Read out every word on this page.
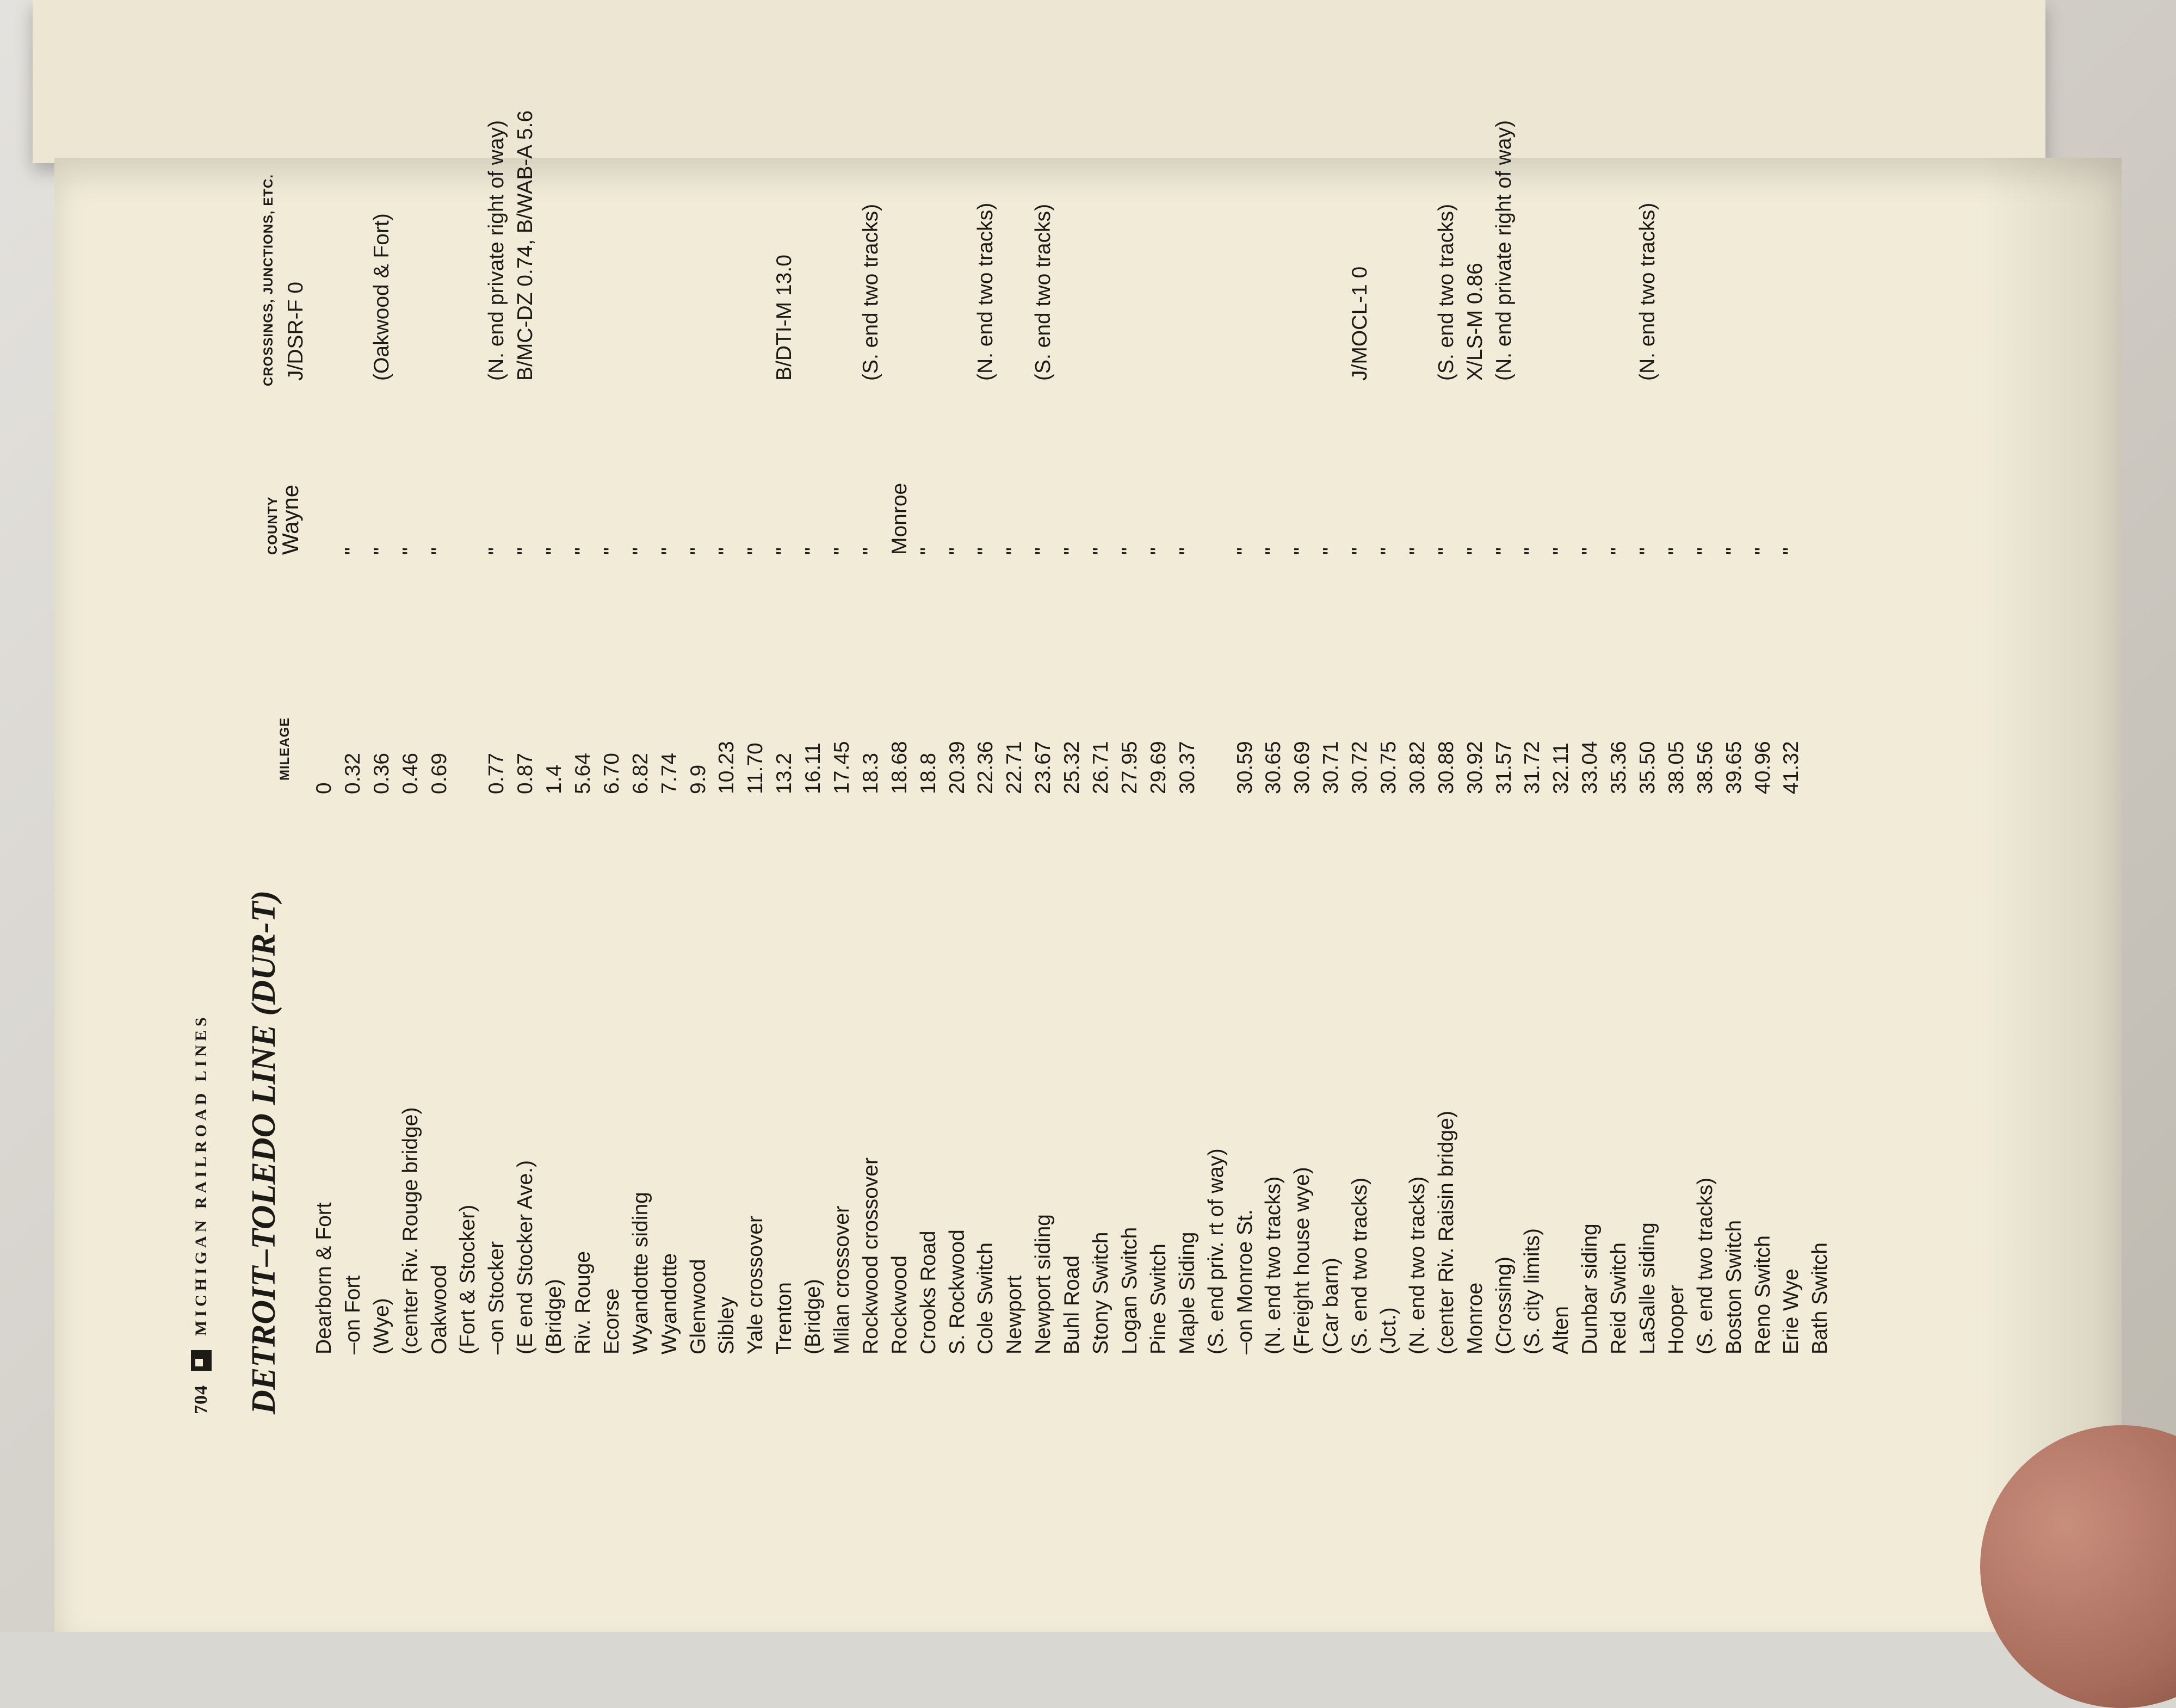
704
MICHIGAN RAILROAD LINES DETROIT–TOLEDO LINE (DUR-T)
MILEAGE
COUNTY
CROSSINGS, JUNCTIONS, ETC.
Wayne
J/DSR-F 0
Dearborn & Fort
0
–on Fort
0.32
"
(Wye)
0.36
"
(Oakwood & Fort)
(center Riv. Rouge bridge)
0.46
"
Oakwood
0.69
"
(Fort & Stocker) –on Stocker
0.77
"
(N. end private right of way)
(E end Stocker Ave.)
0.87
"
B/MC-DZ 0.74, B/WAB-A 5.6
(Bridge)
1.4
"
Riv. Rouge
5.64
"
Ecorse
6.70
"
Wyandotte siding
6.82
"
Wyandotte
7.74
"
Glenwood
9.9
"
Sibley
10.23
"
Yale crossover
11.70
"
Trenton
13.2
"
B/DTI-M 13.0
(Bridge)
16.11
"
Milan crossover
17.45
"
Rockwood crossover
18.3
"
(S. end two tracks)
Rockwood
18.68
Monroe
Crooks Road
18.8
"
S. Rockwood
20.39
"
Cole Switch
22.36
"
(N. end two tracks)
Newport
22.71
"
Newport siding
23.67
"
(S. end two tracks)
Buhl Road
25.32
"
Stony Switch
26.71
"
Logan Switch
27.95
"
Pine Switch
29.69
"
Maple Siding
30.37
"
(S. end priv. rt of way) –on Monroe St.
30.59
"
(N. end two tracks)
30.65
"
(Freight house wye)
30.69
"
(Car barn)
30.71
"
(S. end two tracks)
30.72
"
J/MOCL-1 0
(Jct.)
30.75
"
(N. end two tracks)
30.82
"
(center Riv. Raisin bridge)
30.88
"
(S. end two tracks)
Monroe
30.92
"
X/LS-M 0.86
(Crossing)
31.57
"
(N. end private right of way)
(S. city limits)
31.72
"
Alten
32.11
"
Dunbar siding
33.04
"
Reid Switch
35.36
"
LaSalle siding
35.50
"
(N. end two tracks)
Hooper
38.05
"
(S. end two tracks)
38.56
"
Boston Switch
39.65
"
Reno Switch
40.96
"
Erie Wye
41.32
"
Bath Switch
